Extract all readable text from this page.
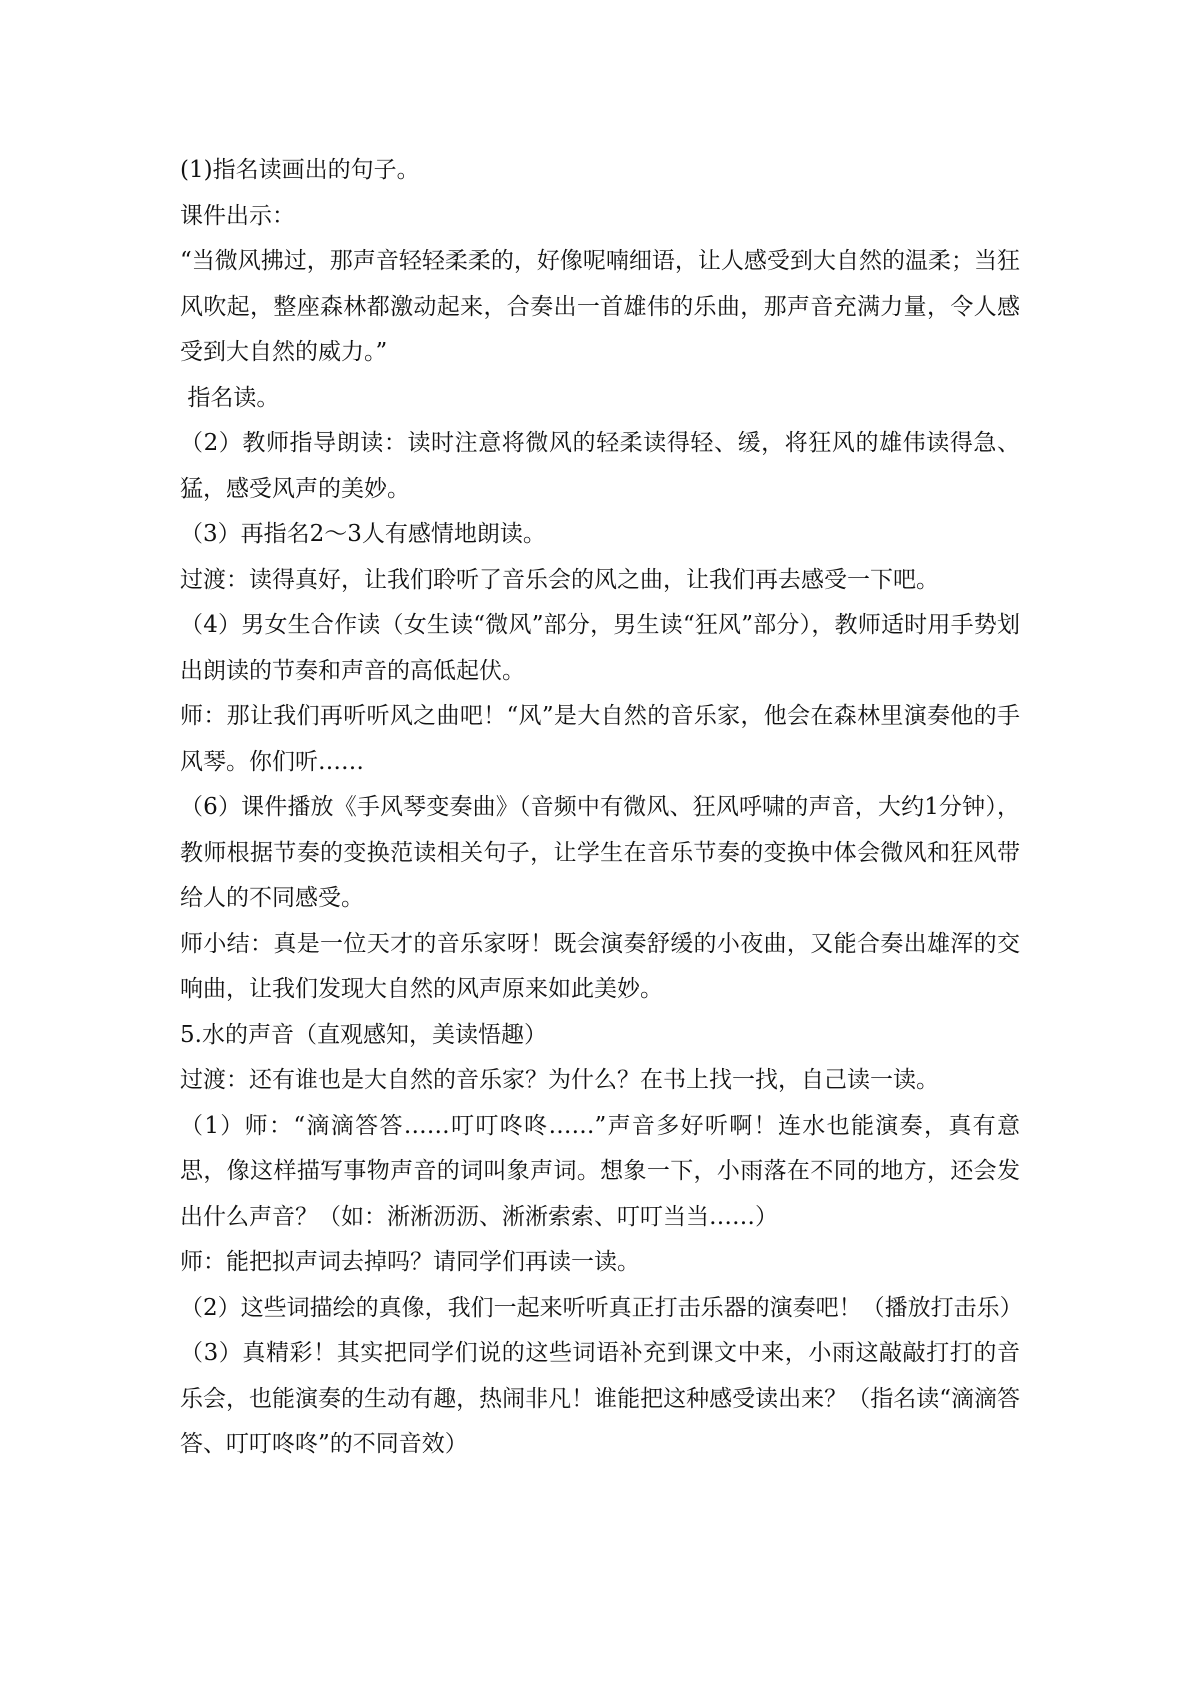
(1)指名读画出的句子。

课件出示：

“当微风拂过，那声音轻轻柔柔的，好像呢喃细语，让人感受到大自然的温柔；当狂风吹起，整座森林都激动起来，合奏出一首雄伟的乐曲，那声音充满力量，令人感受到大自然的威力。”

指名读。

（2）教师指导朗读：读时注意将微风的轻柔读得轻、缓，将狂风的雄伟读得急、猛，感受风声的美妙。

（3）再指名2～3人有感情地朗读。

过渡：读得真好，让我们聆听了音乐会的风之曲，让我们再去感受一下吧。

（4）男女生合作读（女生读“微风”部分，男生读“狂风”部分），教师适时用手势划出朗读的节奏和声音的高低起伏。

师：那让我们再听听风之曲吧！“风”是大自然的音乐家，他会在森林里演奏他的手风琴。你们听……

（6）课件播放《手风琴变奏曲》（音频中有微风、狂风呼啸的声音，大约1分钟），教师根据节奏的变换范读相关句子，让学生在音乐节奏的变换中体会微风和狂风带给人的不同感受。

师小结：真是一位天才的音乐家呀！既会演奏舒缓的小夜曲，又能合奏出雄浑的交响曲，让我们发现大自然的风声原来如此美妙。

5.水的声音（直观感知，美读悟趣）

过渡：还有谁也是大自然的音乐家？为什么？在书上找一找，自己读一读。

（1）师：“滴滴答答……叮叮咚咚……”声音多好听啊！连水也能演奏，真有意思，像这样描写事物声音的词叫象声词。想象一下，小雨落在不同的地方，还会发出什么声音？（如：淅淅沥沥、淅淅索索、叮叮当当……）

师：能把拟声词去掉吗？请同学们再读一读。

（2）这些词描绘的真像，我们一起来听听真正打击乐器的演奏吧！（播放打击乐）

（3）真精彩！其实把同学们说的这些词语补充到课文中来，小雨这敲敲打打的音乐会，也能演奏的生动有趣，热闹非凡！谁能把这种感受读出来？（指名读“滴滴答答、叮叮咚咚”的不同音效）
